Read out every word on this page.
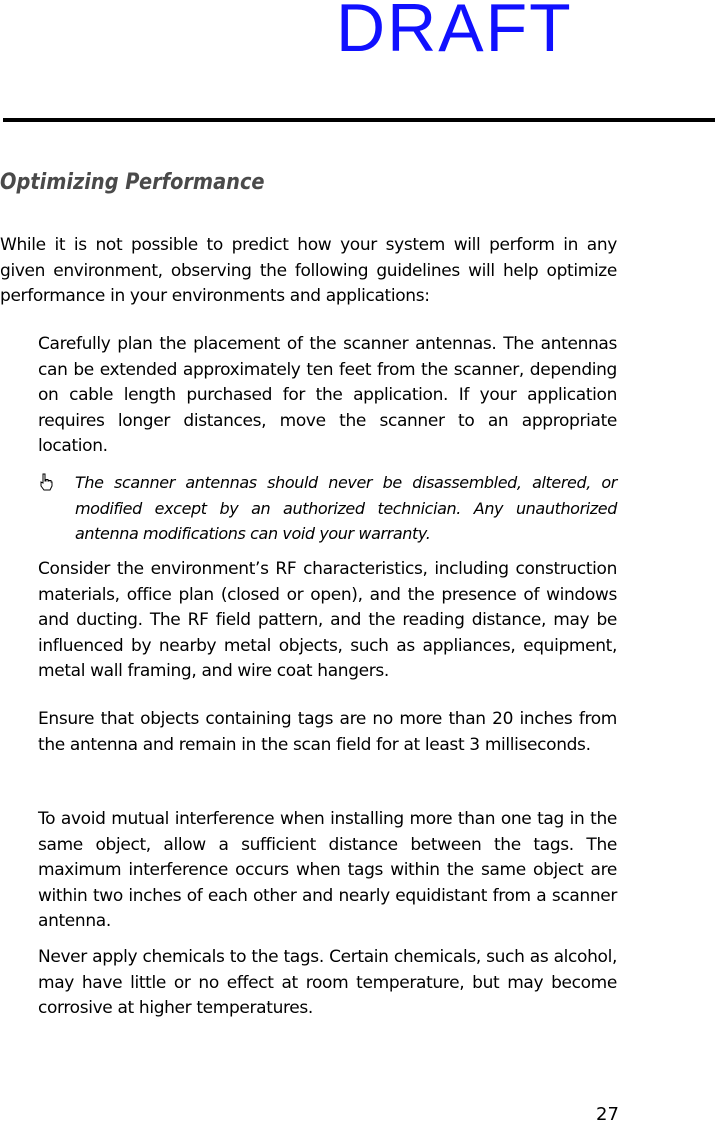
DRAFT

Optimizing Performance

While it is not possible to predict how your system will perform in any given environment, observing the following guidelines will help optimize performance in your environments and applications:

Carefully plan the placement of the scanner antennas. The antennas can be extended approximately ten feet from the scanner, depending on cable length purchased for the application. If your application requires longer distances, move the scanner to an appropriate location.

The scanner antennas should never be disassembled, altered, or modified except by an authorized technician. Any unauthorized antenna modifications can void your warranty.

Consider the environment’s RF characteristics, including construction materials, office plan (closed or open), and the presence of windows and ducting. The RF field pattern, and the reading distance, may be influenced by nearby metal objects, such as appliances, equipment, metal wall framing, and wire coat hangers.

Ensure that objects containing tags are no more than 20 inches from the antenna and remain in the scan field for at least 3 milliseconds.

To avoid mutual interference when installing more than one tag in the same object, allow a sufficient distance between the tags. The maximum interference occurs when tags within the same object are within two inches of each other and nearly equidistant from a scanner antenna.

Never apply chemicals to the tags. Certain chemicals, such as alcohol, may have little or no effect at room temperature, but may become corrosive at higher temperatures.

27
